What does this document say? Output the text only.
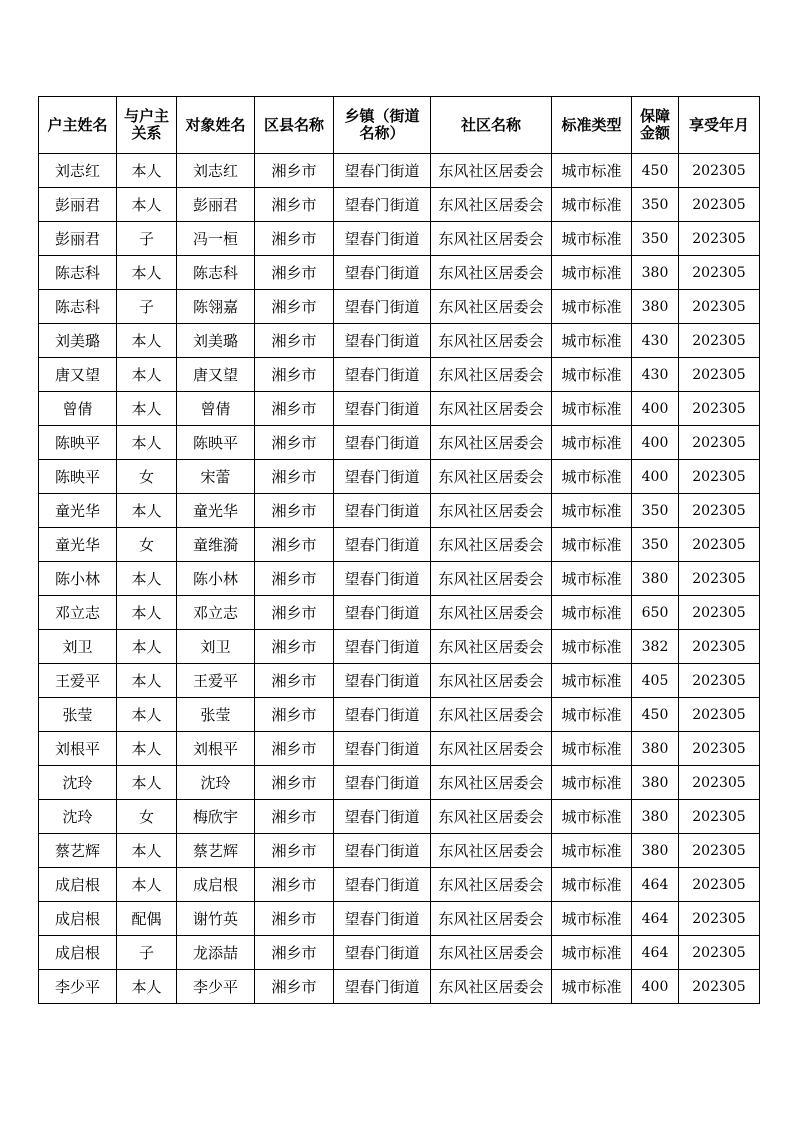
户主姓名	与户主关系	对象姓名	区县名称	乡镇（街道名称）	社区名称	标准类型	保障金额	享受年月
刘志红	本人	刘志红	湘乡市	望春门街道	东风社区居委会	城市标准	450	202305
彭丽君	本人	彭丽君	湘乡市	望春门街道	东风社区居委会	城市标准	350	202305
彭丽君	子	冯一桓	湘乡市	望春门街道	东风社区居委会	城市标准	350	202305
陈志科	本人	陈志科	湘乡市	望春门街道	东风社区居委会	城市标准	380	202305
陈志科	子	陈翎嘉	湘乡市	望春门街道	东风社区居委会	城市标准	380	202305
刘美璐	本人	刘美璐	湘乡市	望春门街道	东风社区居委会	城市标准	430	202305
唐又望	本人	唐又望	湘乡市	望春门街道	东风社区居委会	城市标准	430	202305
曾倩	本人	曾倩	湘乡市	望春门街道	东风社区居委会	城市标准	400	202305
陈映平	本人	陈映平	湘乡市	望春门街道	东风社区居委会	城市标准	400	202305
陈映平	女	宋蕾	湘乡市	望春门街道	东风社区居委会	城市标准	400	202305
童光华	本人	童光华	湘乡市	望春门街道	东风社区居委会	城市标准	350	202305
童光华	女	童维漪	湘乡市	望春门街道	东风社区居委会	城市标准	350	202305
陈小林	本人	陈小林	湘乡市	望春门街道	东风社区居委会	城市标准	380	202305
邓立志	本人	邓立志	湘乡市	望春门街道	东风社区居委会	城市标准	650	202305
刘卫	本人	刘卫	湘乡市	望春门街道	东风社区居委会	城市标准	382	202305
王爱平	本人	王爱平	湘乡市	望春门街道	东风社区居委会	城市标准	405	202305
张莹	本人	张莹	湘乡市	望春门街道	东风社区居委会	城市标准	450	202305
刘根平	本人	刘根平	湘乡市	望春门街道	东风社区居委会	城市标准	380	202305
沈玲	本人	沈玲	湘乡市	望春门街道	东风社区居委会	城市标准	380	202305
沈玲	女	梅欣宇	湘乡市	望春门街道	东风社区居委会	城市标准	380	202305
蔡艺辉	本人	蔡艺辉	湘乡市	望春门街道	东风社区居委会	城市标准	380	202305
成启根	本人	成启根	湘乡市	望春门街道	东风社区居委会	城市标准	464	202305
成启根	配偶	谢竹英	湘乡市	望春门街道	东风社区居委会	城市标准	464	202305
成启根	子	龙添喆	湘乡市	望春门街道	东风社区居委会	城市标准	464	202305
李少平	本人	李少平	湘乡市	望春门街道	东风社区居委会	城市标准	400	202305
